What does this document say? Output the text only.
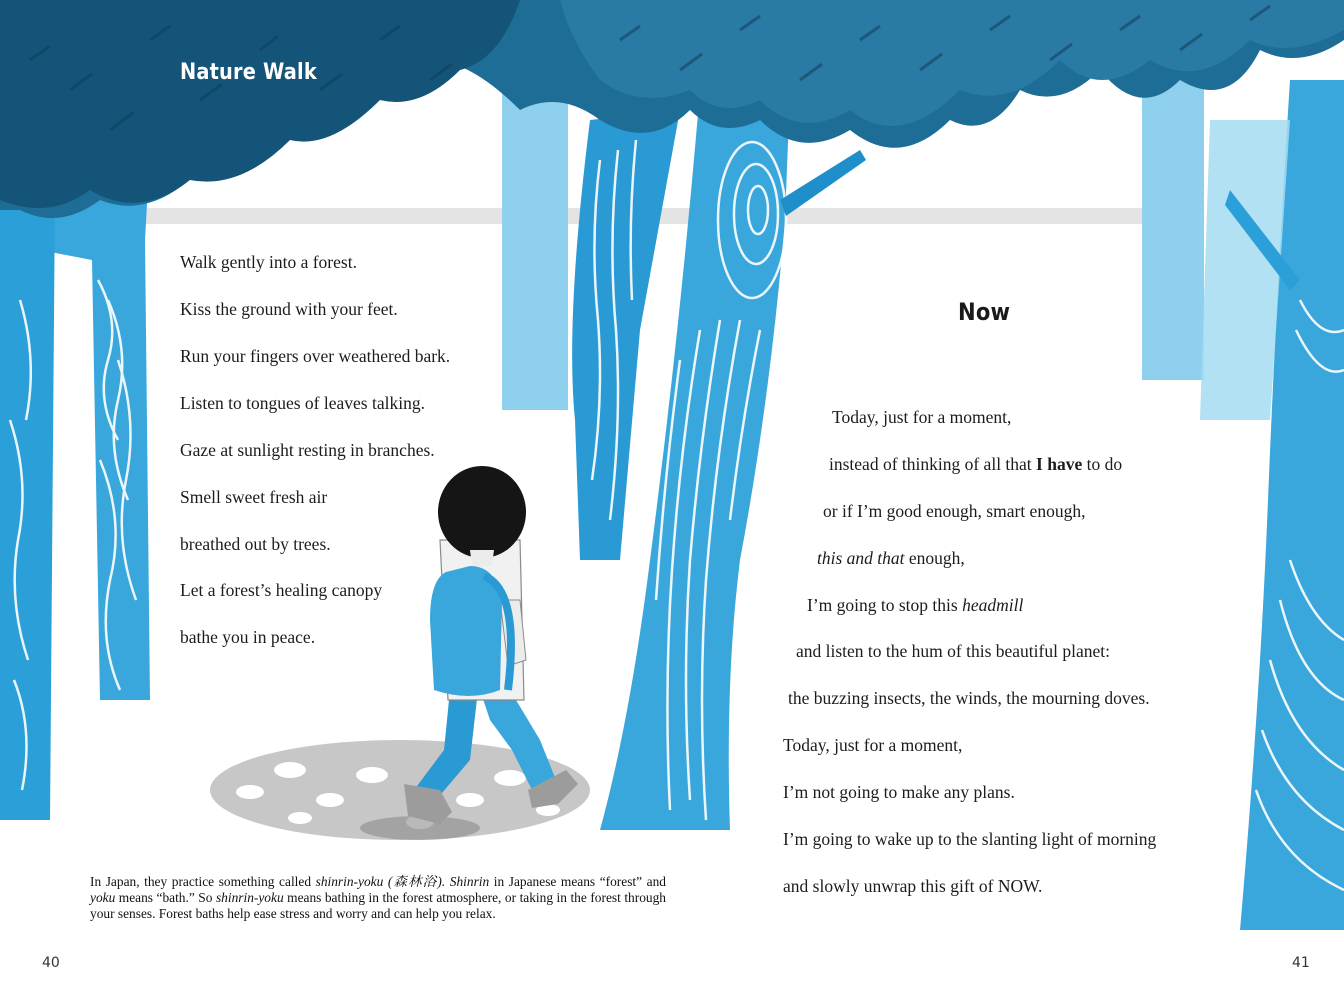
Nature Walk
Walk gently into a forest.
Kiss the ground with your feet.
Run your fingers over weathered bark.
Listen to tongues of leaves talking.
Gaze at sunlight resting in branches.
Smell sweet fresh air
breathed out by trees.
Let a forest’s healing canopy
bathe you in peace.
In Japan, they practice something called shinrin-yoku (森林浴). Shinrin in Japanese means “forest” and yoku means “bath.” So shinrin-yoku means bathing in the forest atmosphere, or taking in the forest through your senses. Forest baths help ease stress and worry and can help you relax.
40
Now
Today, just for a moment,
instead of thinking of all that I have to do
or if I’m good enough, smart enough,
this and that enough,
I’m going to stop this headmill
and listen to the hum of this beautiful planet:
the buzzing insects, the winds, the mourning doves.
Today, just for a moment,
I’m not going to make any plans.
I’m going to wake up to the slanting light of morning
and slowly unwrap this gift of NOW.
41
